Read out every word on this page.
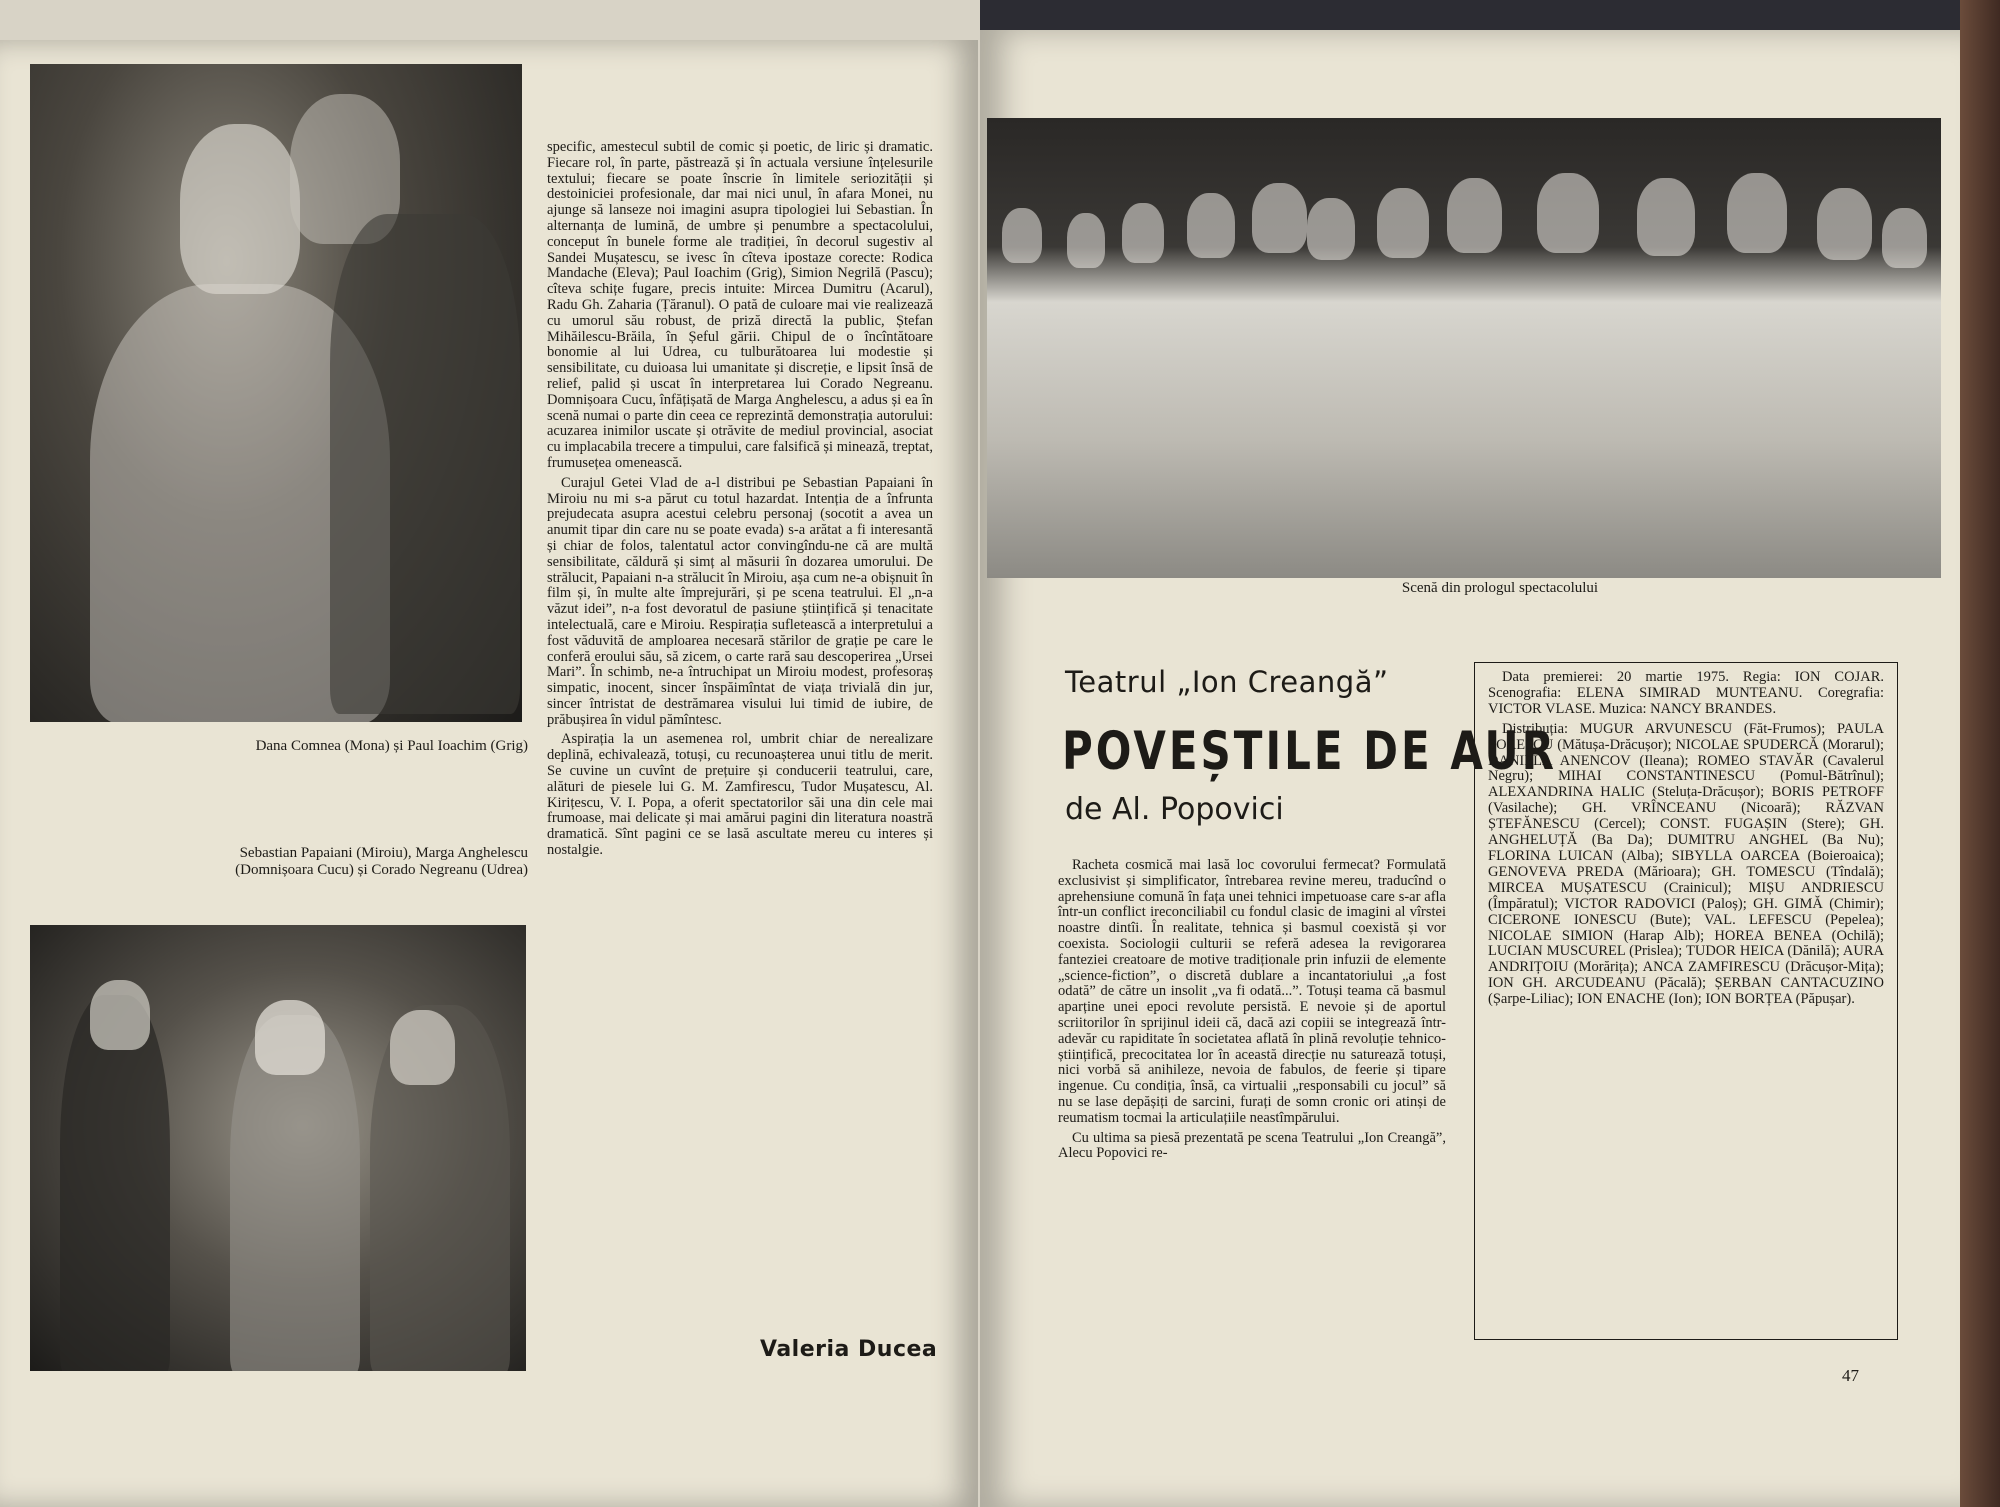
Dana Comnea (Mona) și Paul Ioachim (Grig)
Sebastian Papaiani (Miroiu), Marga Anghelescu (Domnișoara Cucu) și Corado Negreanu (Udrea)

specific, amestecul subtil de comic și poetic, de liric și dramatic. Fiecare rol, în parte, păstrează și în actuala versiune înțelesurile textului; fiecare se poate înscrie în limitele seriozității și destoiniciei profesionale, dar mai nici unul, în afara Monei, nu ajunge să lanseze noi imagini asupra tipologiei lui Sebastian. În alternanța de lumină, de umbre și penumbre a spectacolului, conceput în bunele forme ale tradiției, în decorul sugestiv al Sandei Mușatescu, se ivesc în cîteva ipostaze corecte: Rodica Mandache (Eleva); Paul Ioachim (Grig), Simion Negrilă (Pascu); cîteva schițe fugare, precis intuite: Mircea Dumitru (Acarul), Radu Gh. Zaharia (Țăranul). O pată de culoare mai vie realizează cu umorul său robust, de priză directă la public, Ștefan Mihăilescu-Brăila, în Șeful gării. Chipul de o încîntătoare bonomie al lui Udrea, cu tulburătoarea lui modestie și sensibilitate, cu duioasa lui umanitate și discreție, e lipsit însă de relief, palid și uscat în interpretarea lui Corado Negreanu. Domnișoara Cucu, înfățișată de Marga Anghelescu, a adus și ea în scenă numai o parte din ceea ce reprezintă demonstrația autorului: acuzarea inimilor uscate și otrăvite de mediul provincial, asociat cu implacabila trecere a timpului, care falsifică și minează, treptat, frumusețea omenească.

Curajul Getei Vlad de a-l distribui pe Sebastian Papaiani în Miroiu nu mi s-a părut cu totul hazardat. Intenția de a înfrunta prejudecata asupra acestui celebru personaj (socotit a avea un anumit tipar din care nu se poate evada) s-a arătat a fi interesantă și chiar de folos, talentatul actor convingîndu-ne că are multă sensibilitate, căldură și simț al măsurii în dozarea umorului. De strălucit, Papaiani n-a strălucit în Miroiu, așa cum ne-a obișnuit în film și, în multe alte împrejurări, și pe scena teatrului. El „n-a văzut idei”, n-a fost devoratul de pasiune științifică și tenacitate intelectuală, care e Miroiu. Respirația sufletească a interpretului a fost văduvită de amploarea necesară stărilor de grație pe care le conferă eroului său, să zicem, o carte rară sau descoperirea „Ursei Mari”. În schimb, ne-a întruchipat un Miroiu modest, profesoraș simpatic, inocent, sincer înspăimîntat de viața trivială din jur, sincer întristat de destrămarea visului lui timid de iubire, de prăbușirea în vidul pămîntesc.

Aspirația la un asemenea rol, umbrit chiar de nerealizare deplină, echivalează, totuși, cu recunoașterea unui titlu de merit. Se cuvine un cuvînt de prețuire și conducerii teatrului, care, alături de piesele lui G. M. Zamfirescu, Tudor Mușatescu, Al. Kirițescu, V. I. Popa, a oferit spectatorilor săi una din cele mai frumoase, mai delicate și mai amărui pagini din literatura noastră dramatică. Sînt pagini ce se lasă ascultate mereu cu interes și nostalgie.

Valeria Ducea
Scenă din prologul spectacolului
Teatrul „Ion Creangă”
POVEȘTILE DE AUR
de Al. Popovici

Racheta cosmică mai lasă loc covorului fermecat? Formulată exclusivist și simplificator, întrebarea revine mereu, traducînd o aprehensiune comună în fața unei tehnici impetuoase care s-ar afla într-un conflict ireconciliabil cu fondul clasic de imagini al vîrstei noastre dintîi. În realitate, tehnica și basmul coexistă și vor coexista. Sociologii culturii se referă adesea la revigorarea fanteziei creatoare de motive tradiționale prin infuzii de elemente „science-fiction”, o discretă dublare a incantatoriului „a fost odată” de către un insolit „va fi odată...”. Totuși teama că basmul aparține unei epoci revolute persistă. E nevoie și de aportul scriitorilor în sprijinul ideii că, dacă azi copiii se integrează într-adevăr cu rapiditate în societatea aflată în plină revoluție tehnico-științifică, precocitatea lor în această direcție nu saturează totuși, nici vorbă să anihileze, nevoia de fabulos, de feerie și tipare ingenue. Cu condiția, însă, ca virtualii „responsabili cu jocul” să nu se lase depășiți de sarcini, furați de somn cronic ori atinși de reumatism tocmai la articulațiile neastîmpărului.

Cu ultima sa piesă prezentată pe scena Teatrului „Ion Creangă”, Alecu Popovici re-

Data premierei: 20 martie 1975. Regia: ION COJAR. Scenografia: ELENA SIMIRAD MUNTEANU. Coregrafia: VICTOR VLASE. Muzica: NANCY BRANDES.

Distribuția: MUGUR ARVUNESCU (Făt-Frumos); PAULA SORESCU (Mătușa-Drăcușor); NICOLAE SPUDERCĂ (Morarul); DANIELA ANENCOV (Ileana); ROMEO STAVĂR (Cavalerul Negru); MIHAI CONSTANTINESCU (Pomul-Bătrînul); ALEXANDRINA HALIC (Steluța-Drăcușor); BORIS PETROFF (Vasilache); GH. VRÎNCEANU (Nicoară); RĂZVAN ȘTEFĂNESCU (Cercel); CONST. FUGAȘIN (Stere); GH. ANGHELUȚĂ (Ba Da); DUMITRU ANGHEL (Ba Nu); FLORINA LUICAN (Alba); SIBYLLA OARCEA (Boieroaica); GENOVEVA PREDA (Mărioara); GH. TOMESCU (Tîndală); MIRCEA MUȘATESCU (Crainicul); MIȘU ANDRIESCU (Împăratul); VICTOR RADOVICI (Paloș); GH. GIMĂ (Chimir); CICERONE IONESCU (Bute); VAL. LEFESCU (Pepelea); NICOLAE SIMION (Harap Alb); HOREA BENEA (Ochilă); LUCIAN MUSCUREL (Prislea); TUDOR HEICA (Dănilă); AURA ANDRIȚOIU (Morărița); ANCA ZAMFIRESCU (Drăcușor-Mița); ION GH. ARCUDEANU (Păcală); ȘERBAN CANTACUZINO (Șarpe-Liliac); ION ENACHE (Ion); ION BORȚEA (Păpușar).

47
